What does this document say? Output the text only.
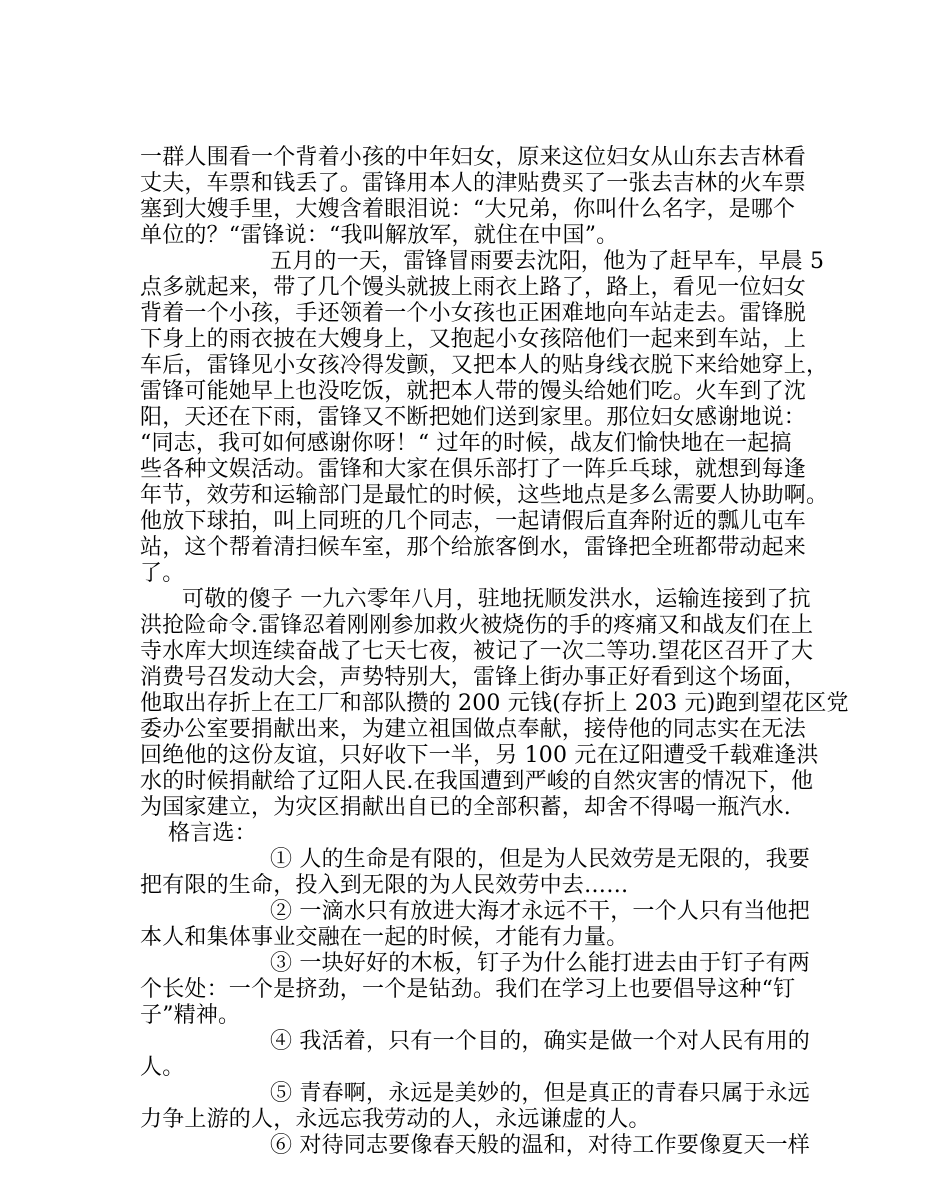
一群人围看一个背着小孩的中年妇女，原来这位妇女从山东去吉林看
丈夫，车票和钱丢了。雷锋用本人的津贴费买了一张去吉林的火车票
塞到大嫂手里，大嫂含着眼泪说：“大兄弟，你叫什么名字，是哪个
单位的？“雷锋说：“我叫解放军，就住在中国”。
五月的一天，雷锋冒雨要去沈阳，他为了赶早车，早晨 5
点多就起来，带了几个馒头就披上雨衣上路了，路上，看见一位妇女
背着一个小孩，手还领着一个小女孩也正困难地向车站走去。雷锋脱
下身上的雨衣披在大嫂身上，又抱起小女孩陪他们一起来到车站，上
车后，雷锋见小女孩冷得发颤，又把本人的贴身线衣脱下来给她穿上，
雷锋可能她早上也没吃饭，就把本人带的馒头给她们吃。火车到了沈
阳，天还在下雨，雷锋又不断把她们送到家里。那位妇女感谢地说：
“同志，我可如何感谢你呀！“ 过年的时候，战友们愉快地在一起搞
些各种文娱活动。雷锋和大家在俱乐部打了一阵乒乓球，就想到每逢
年节，效劳和运输部门是最忙的时候，这些地点是多么需要人协助啊。
他放下球拍，叫上同班的几个同志，一起请假后直奔附近的瓢儿屯车
站，这个帮着清扫候车室，那个给旅客倒水，雷锋把全班都带动起来
了。
可敬的傻子 一九六零年八月，驻地抚顺发洪水，运输连接到了抗
洪抢险命令.雷锋忍着刚刚参加救火被烧伤的手的疼痛又和战友们在上
寺水库大坝连续奋战了七天七夜，被记了一次二等功.望花区召开了大
消费号召发动大会，声势特别大，雷锋上街办事正好看到这个场面，
他取出存折上在工厂和部队攒的 200 元钱(存折上 203 元)跑到望花区党
委办公室要捐献出来，为建立祖国做点奉献，接侍他的同志实在无法
回绝他的这份友谊，只好收下一半，另 100 元在辽阳遭受千载难逢洪
水的时候捐献给了辽阳人民.在我国遭到严峻的自然灾害的情况下，他
为国家建立，为灾区捐献出自已的全部积蓄，却舍不得喝一瓶汽水.
格言选：
① 人的生命是有限的，但是为人民效劳是无限的，我要
把有限的生命，投入到无限的为人民效劳中去……
② 一滴水只有放进大海才永远不干，一个人只有当他把
本人和集体事业交融在一起的时候，才能有力量。
③ 一块好好的木板，钉子为什么能打进去由于钉子有两
个长处：一个是挤劲，一个是钻劲。我们在学习上也要倡导这种“钉
子”精神。
④ 我活着，只有一个目的，确实是做一个对人民有用的
人。
⑤ 青春啊，永远是美妙的，但是真正的青春只属于永远
力争上游的人，永远忘我劳动的人，永远谦虚的人。
⑥ 对待同志要像春天般的温和，对待工作要像夏天一样
